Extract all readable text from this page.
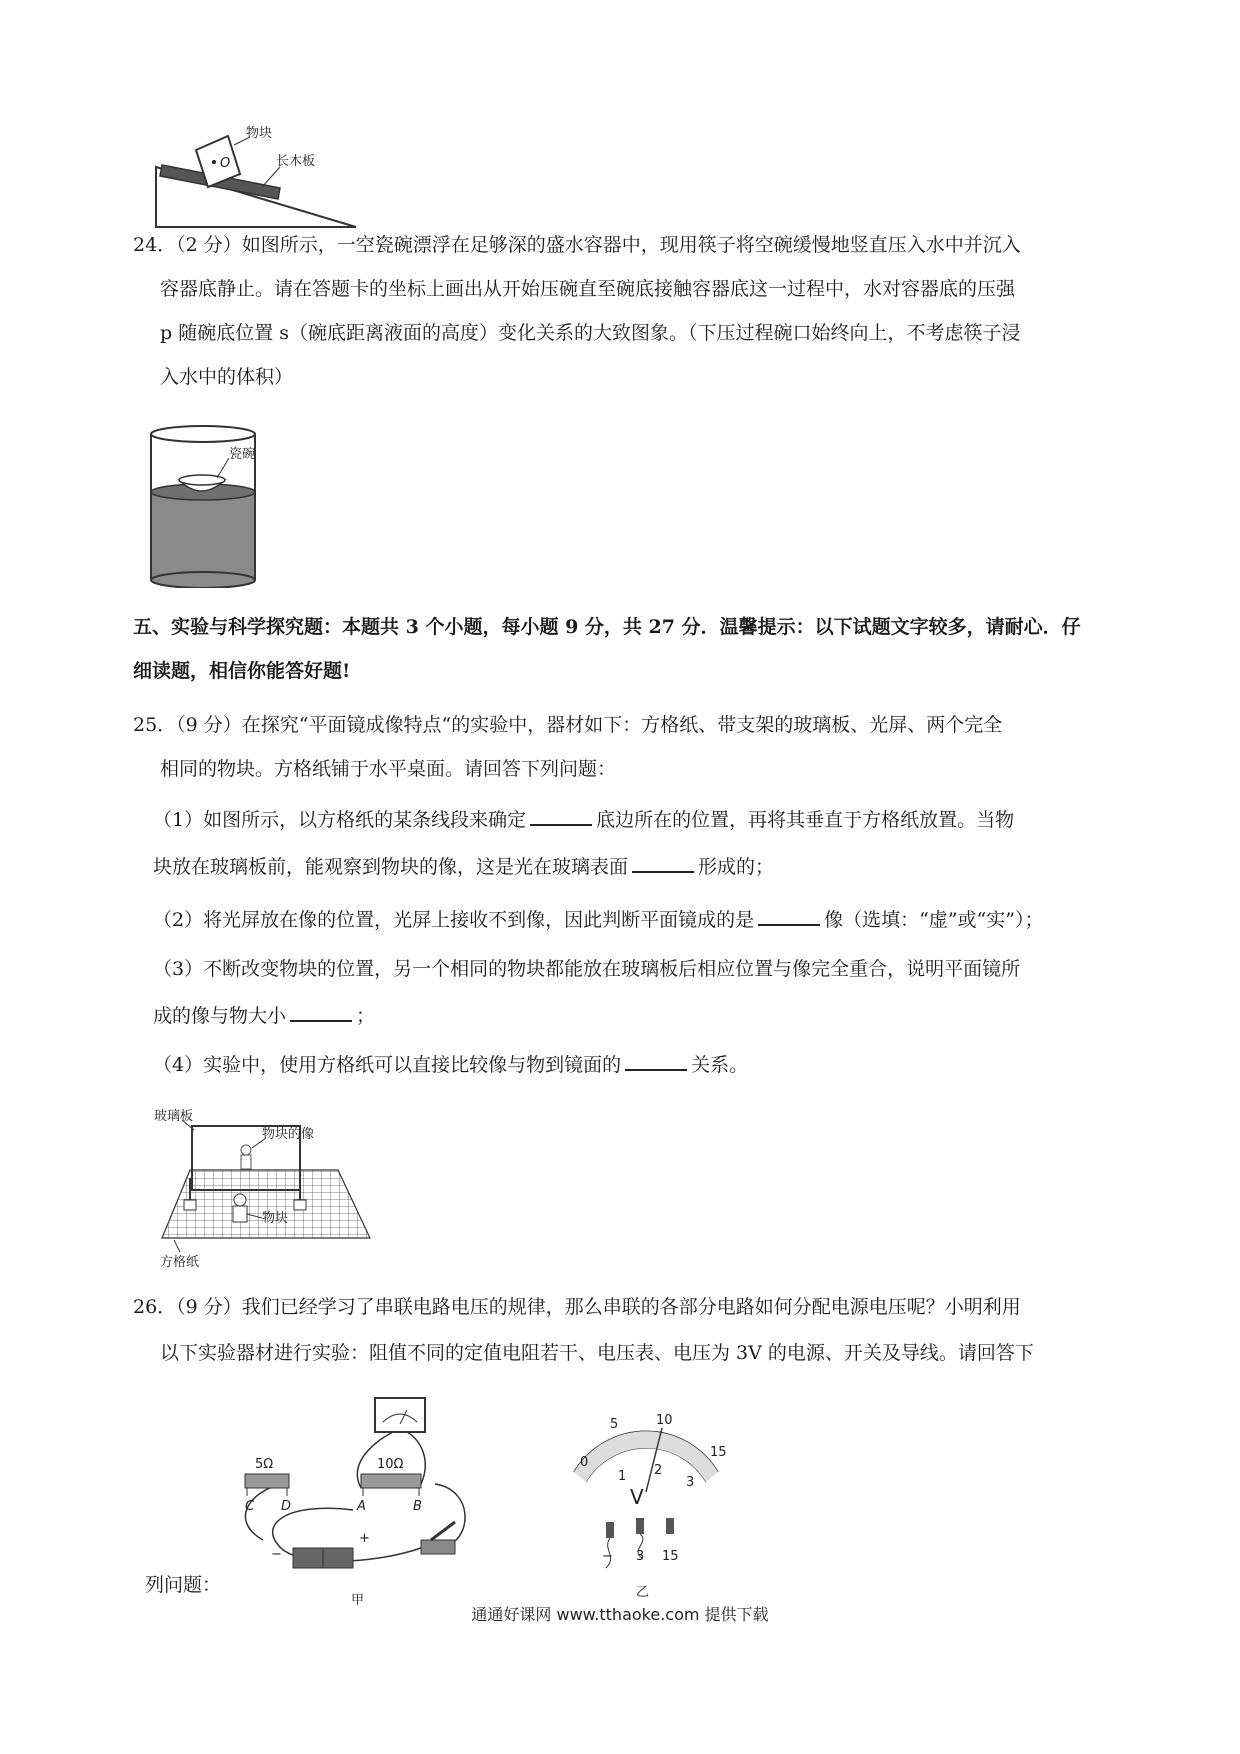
物块
长木板
O
24．（2 分）如图所示，一空瓷碗漂浮在足够深的盛水容器中，现用筷子将空碗缓慢地竖直压入水中并沉入
容器底静止。请在答题卡的坐标上画出从开始压碗直至碗底接触容器底这一过程中，水对容器底的压强
p 随碗底位置 s（碗底距离液面的高度）变化关系的大致图象。（下压过程碗口始终向上，不考虑筷子浸
入水中的体积）
瓷碗
五、实验与科学探究题：本题共 3 个小题，每小题 9 分，共 27 分．温馨提示：以下试题文字较多，请耐心．仔
细读题，相信你能答好题!
25．（9 分）在探究“平面镜成像特点“的实验中，器材如下：方格纸、带支架的玻璃板、光屏、两个完全
相同的物块。方格纸铺于水平桌面。请回答下列问题：
（1）如图所示，以方格纸的某条线段来确定	底边所在的位置，再将其垂直于方格纸放置。当物
块放在玻璃板前，能观察到物块的像，这是光在玻璃表面	形成的；
（2）将光屏放在像的位置，光屏上接收不到像，因此判断平面镜成的是	像（选填：“虚”或“实”）；
（3）不断改变物块的位置，另一个相同的物块都能放在玻璃板后相应位置与像完全重合，说明平面镜所
成的像与物大小	；
（4）实验中，使用方格纸可以直接比较像与物到镜面的	关系。
玻璃板
物块的像
物块
方格纸
26．（9 分）我们已经学习了串联电路电压的规律，那么串联的各部分电路如何分配电源电压呢？小明利用
以下实验器材进行实验：阻值不同的定值电阻若干、电压表、电压为 3V 的电源、开关及导线。请回答下
列问题：
5Ω	10Ω
C D	A	B
−
+
甲
0
5	10
15
1 2
3
V
− 3 15
乙
通通好课网 www.tthaoke.com 提供下载
